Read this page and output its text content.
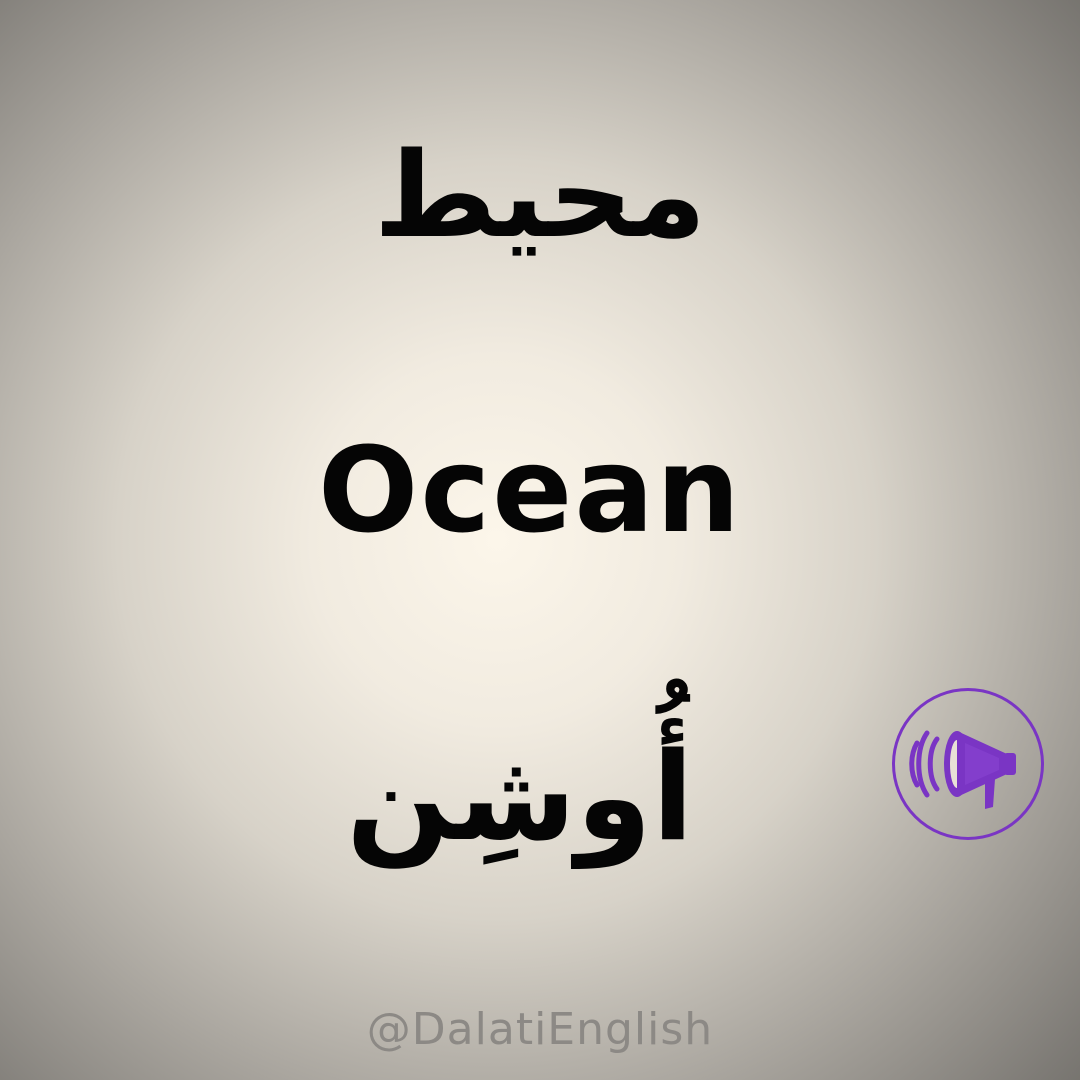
محيط
Ocean
أُوشِن
@DalatiEnglish
